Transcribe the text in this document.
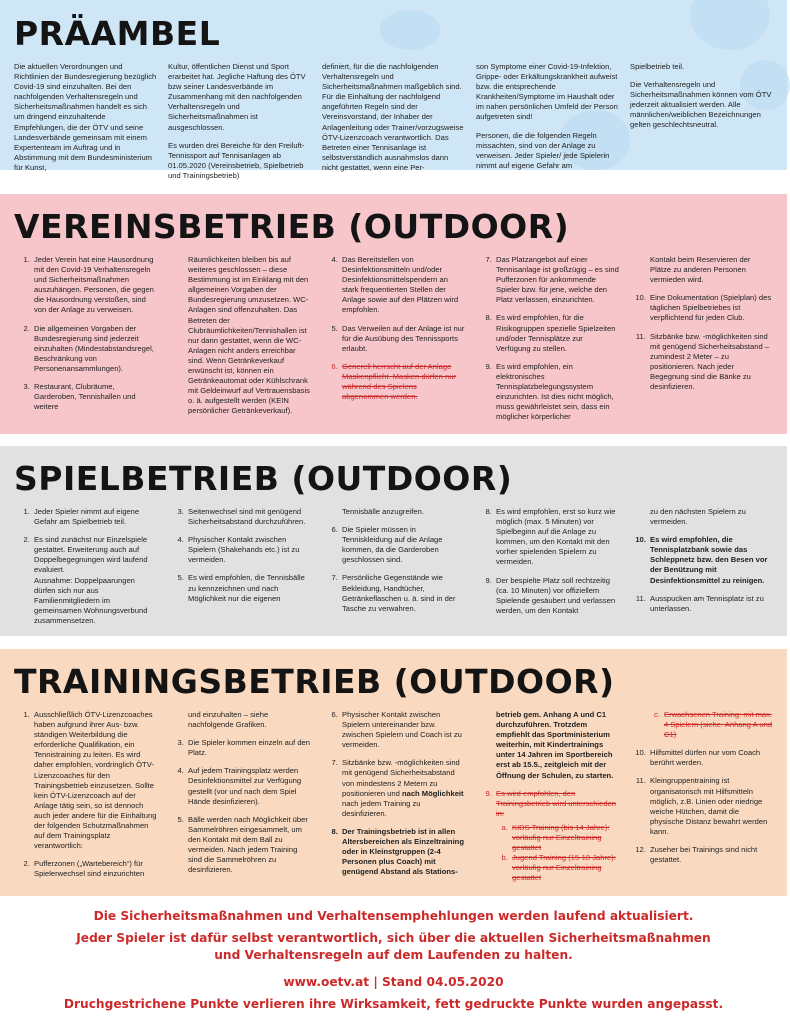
PRÄAMBEL

Die aktuellen Verordnungen und Richtlinien der Bundesregierung bezüglich Covid-19 sind einzuhalten. Bei den nachfolgenden Verhaltensregeln und Sicherheitsmaßnahmen handelt es sich um dringend einzuhaltende Empfehlungen, die der ÖTV und seine Landesverbände gemeinsam mit einem Expertenteam im Auftrag und in Abstimmung mit dem Bundesministerium für Kunst,

Kultur, öffentlichen Dienst und Sport erarbeitet hat. Jegliche Haftung des ÖTV bzw seiner Landesverbände im Zusammenhang mit den nachfolgenden Verhaltensregeln und Sicherheitsmaßnahmen ist ausgeschlossen.

Es wurden drei Bereiche für den Freiluft-Tennissport auf Tennisanlagen ab 01.05.2020 (Vereinsbetrieb, Spielbetrieb und Trainingsbetrieb)

definiert, für die die nachfolgenden Verhaltensregeln und Sicherheitsmaßnahmen maßgeblich sind. Für die Einhaltung der nachfolgend angeführten Regeln sind der Vereinsvorstand, der Inhaber der Anlagenleitung oder Trainer/vorzugsweise ÖTV-Lizenzcoach verantwortlich. Das Betreten einer Tennisanlage ist selbstverständlich ausnahmslos dann nicht gestattet, wenn eine Per-

son Symptome einer Covid-19-Infektion, Grippe- oder Erkältungskrankheit aufweist bzw. die entsprechende Krankheiten/Symptome im Haushalt oder im nahen persönlichen Umfeld der Person aufgetreten sind!

Personen, die die folgenden Regeln missachten, sind von der Anlage zu verweisen. Jeder Spieler/ jede Spielerin nimmt auf eigene Gefahr am

Spielbetrieb teil.

Die Verhaltensregeln und Sicherheitsmaßnahmen können vom ÖTV jederzeit aktualisiert werden. Alle männlichen/weiblichen Bezeichnungen gelten geschlechtsneutral.

VEREINSBETRIEB (OUTDOOR)
1. Jeder Verein hat eine Hausordnung mit den Covid-19 Verhaltensregeln und Sicherheitsmaßnahmen auszuhängen. Personen, die gegen die Hausordnung verstoßen, sind von der Anlage zu verweisen.
2. Die allgemeinen Vorgaben der Bundesregierung sind jederzeit einzuhalten (Mindestabstandsregel, Beschränkung von Personenansammlungen).
3. Restaurant, Clubräume, Garderoben, Tennishallen und weitere
Räumlichkeiten bleiben bis auf weiteres geschlossen – diese Bestimmung ist im Einklang mit den allgemeinen Vorgaben der Bundesregierung umzusetzen. WC-Anlagen sind offenzuhalten. Das Betreten der Clubräumlichkeiten/Tennishallen ist nur dann gestattet, wenn die WC-Anlagen nicht anders erreichbar sind. Wenn Getränkeverkauf erwünscht ist, können ein Getränkeautomat oder Kühlschrank mit Geldeinwurf auf Vertrauensbasis o. ä. aufgestellt werden (KEIN persönlicher Getränkeverkauf).
4. Das Bereitstellen von Desinfektionsmitteln und/oder Desinfektionsmittelspendern an stark frequentierten Stellen der Anlage sowie auf den Plätzen wird empfohlen.
5. Das Verweilen auf der Anlage ist nur für die Ausübung des Tennissports erlaubt.
6. Generell herrscht auf der Anlage Maskenpflicht. Masken dürfen nur während des Spielens abgenommen werden.
7. Das Platzangebot auf einer Tennisanlage ist großzügig – es sind Pufferzonen für ankommende Spieler bzw. für jene, welche den Platz verlassen, einzurichten.
8. Es wird empfohlen, für die Risikogruppen spezielle Spielzeiten und/oder Tennisplätze zur Verfügung zu stellen.
9. Es wird empfohlen, ein elektronisches Tennisplatzbelegungssystem einzurichten. Ist dies nicht möglich, muss gewährleistet sein, dass ein möglicher körperlicher
Kontakt beim Reservieren der Plätze zu anderen Personen vermieden wird.
10. Eine Dokumentation (Spielplan) des täglichen Spielbetriebes ist verpflichtend für jeden Club.
11. Sitzbänke bzw. -möglichkeiten sind mit genügend Sicherheitsabstand – zumindest 2 Meter – zu positionieren. Nach jeder Begegnung sind die Bänke zu desinfizieren.
SPIELBETRIEB (OUTDOOR)
1. Jeder Spieler nimmt auf eigene Gefahr am Spielbetrieb teil.
2. Es sind zunächst nur Einzelspiele gestattet. Erweiterung auch auf Doppelbegegnungen wird laufend evaluiert.
Ausnahme: Doppelpaarungen dürfen sich nur aus Familienmitgliedern im gemeinsamen Wohnungsverbund zusammensetzen.
3. Seitenwechsel sind mit genügend Sicherheitsabstand durchzuführen.
4. Physischer Kontakt zwischen Spielern (Shakehands etc.) ist zu vermeiden.
5. Es wird empfohlen, die Tennisbälle zu kennzeichnen und nach Möglichkeit nur die eigenen
Tennisbälle anzugreifen.
6. Die Spieler müssen in Tenniskleidung auf die Anlage kommen, da die Garderoben geschlossen sind.
7. Persönliche Gegenstände wie Bekleidung, Handtücher, Getränkeflaschen u. ä. sind in der Tasche zu verwahren.
8. Es wird empfohlen, erst so kurz wie möglich (max. 5 Minuten) vor Spielbeginn auf die Anlage zu kommen, um den Kontakt mit den vorher spielenden Spielern zu vermeiden.
9. Der bespielte Platz soll rechtzeitig (ca. 10 Minuten) vor offiziellem Spielende gesäubert und verlassen werden, um den Kontakt
zu den nächsten Spielern zu vermeiden.
10. Es wird empfohlen, die Tennisplatzbank sowie das Schleppnetz bzw. den Besen vor der Benützung mit Desinfektionsmittel zu reinigen.
11. Ausspucken am Tennisplatz ist zu unterlassen.
TRAININGSBETRIEB (OUTDOOR)
1. Ausschließlich ÖTV-Lizenzcoaches haben aufgrund ihrer Aus- bzw. ständigen Weiterbildung die erforderliche Qualifikation, ein Tennistraining zu leiten. Es wird daher empfohlen, vordringlich ÖTV-Lizenzcoaches für den Trainingsbetrieb einzusetzen. Sollte kein ÖTV-Lizenzcoach auf der Anlage tätig sein, so ist dennoch auch jeder andere für die Einhaltung der folgenden Schutzmaßnahmen auf dem Trainingsplatz verantwortlich:
2. Pufferzonen („Wartebereich“) für Spielerwechsel sind einzurichten
und einzuhalten – siehe nachfolgende Grafiken.
3. Die Spieler kommen einzeln auf den Platz.
4. Auf jedem Trainingsplatz werden Desinfektionsmittel zur Verfügung gestellt (vor und nach dem Spiel Hände desinfizieren).
5. Bälle werden nach Möglichkeit über Sammelröhren eingesammelt, um den Kontakt mit dem Ball zu vermeiden. Nach jedem Training sind die Sammelröhren zu desinfizieren.
6. Physischer Kontakt zwischen Spielern untereinander bzw. zwischen Spielern und Coach ist zu vermeiden.
7. Sitzbänke bzw. -möglichkeiten sind mit genügend Sicherheitsabstand von mindestens 2 Metern zu positionieren und nach Möglichkeit nach jedem Training zu desinfizieren.
8. Der Trainingsbetrieb ist in allen Altersbereichen als Einzeltraining oder in Kleinstgruppen (2-4 Personen plus Coach) mit genügend Abstand als Stations-
betrieb gem. Anhang A und C1 durchzuführen. Trotzdem empfiehlt das Sportministerium weiterhin, mit Kindertrainings unter 14 Jahren im Sportbereich erst ab 15.5., zeitgleich mit der Öffnung der Schulen, zu starten.
9. Es wird empfohlen, den Trainingsbetrieb wird unterschieden in:
a. KIDS Training (bis 14 Jahre): vorläufig nur Einzeltraining gestattet
b. Jugend Training (15-18 Jahre): vorläufig nur Einzeltraining gestattet
c. Erwachsenen Training: mit max. 4 Spielern (siehe. Anhang A und C1)
10. Hilfsmittel dürfen nur vom Coach berührt werden.
11. Kleingruppentraining ist organisatorisch mit Hilfsmitteln möglich, z.B. Linien oder niedrige weiche Hütchen, damit die physische Distanz bewahrt werden kann.
12. Zuseher bei Trainings sind nicht gestattet.
Die Sicherheitsmaßnahmen und Verhaltensemphehlungen werden laufend aktualisiert.
Jeder Spieler ist dafür selbst verantwortlich, sich über die aktuellen Sicherheitsmaßnahmen
und Verhaltensregeln auf dem Laufenden zu halten.
www.oetv.at | Stand 04.05.2020
Druchgestrichene Punkte verlieren ihre Wirksamkeit, fett gedruckte Punkte wurden angepasst.
